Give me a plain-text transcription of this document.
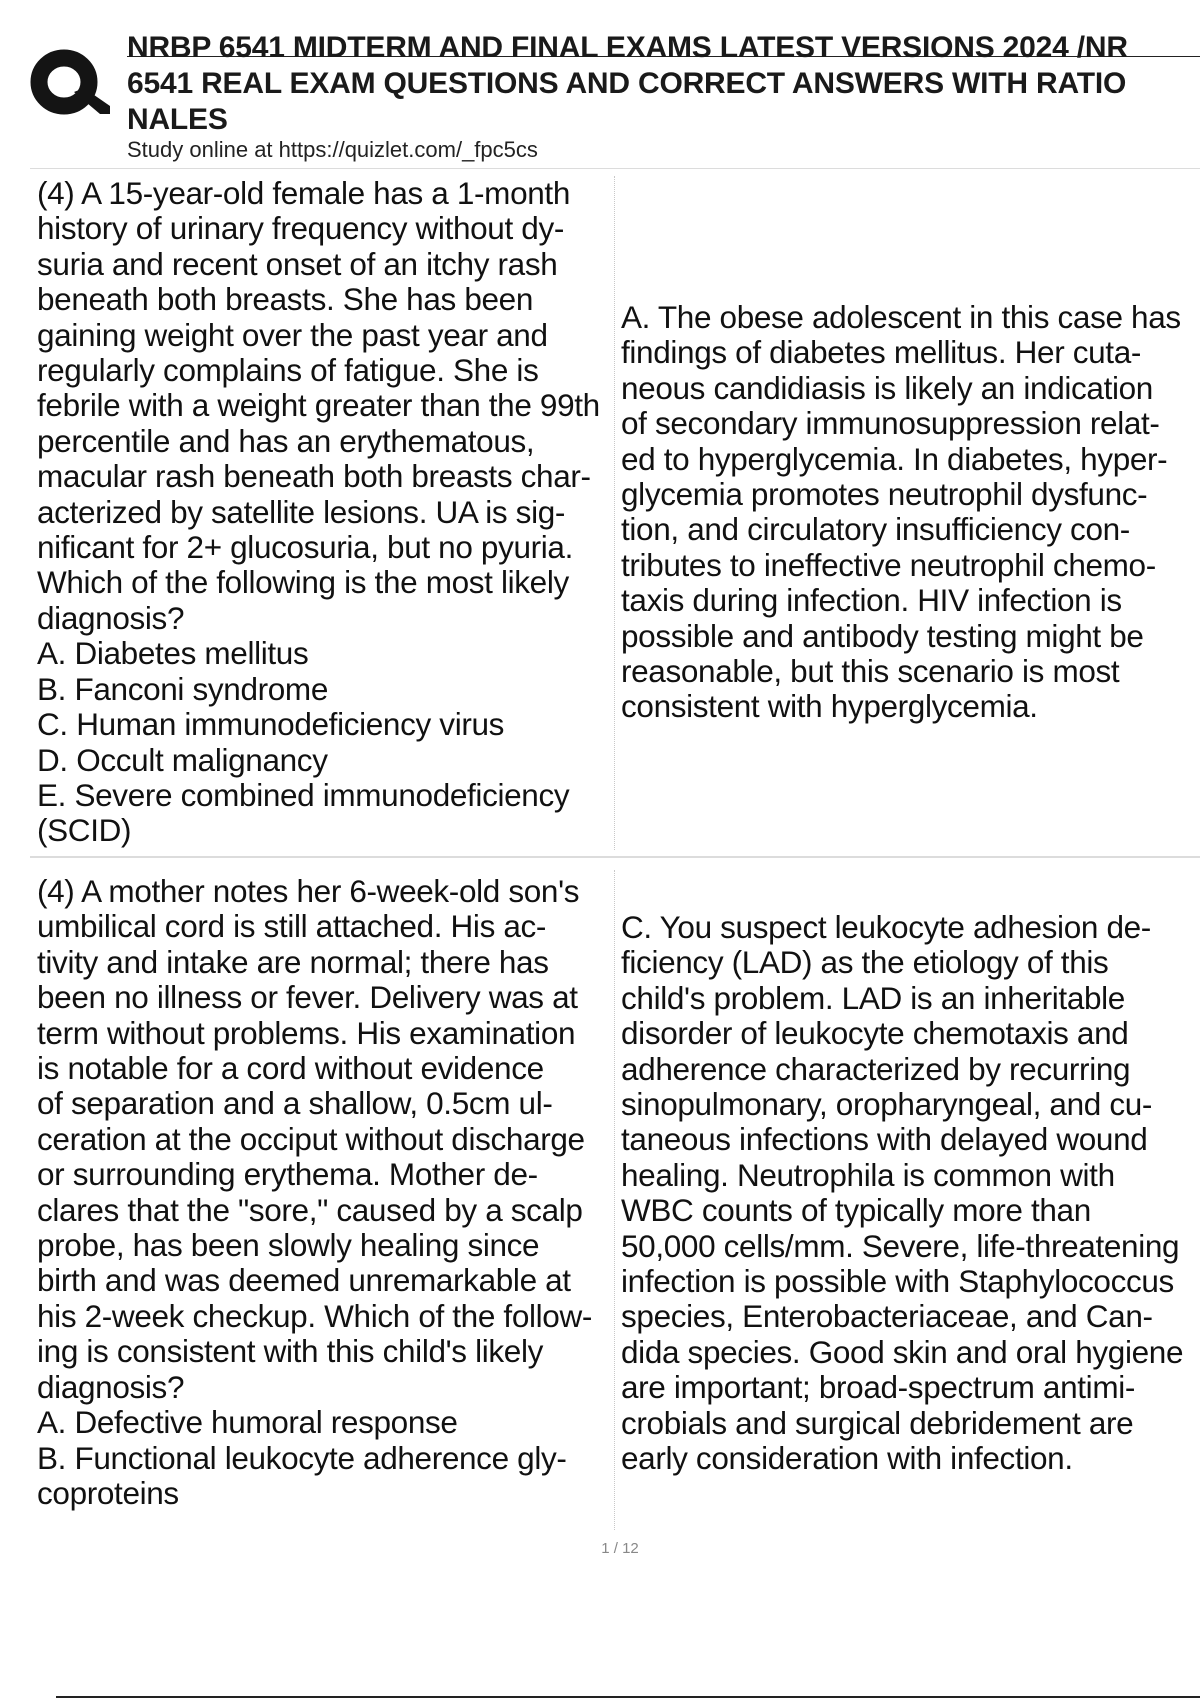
NRBP 6541 MIDTERM AND FINAL EXAMS LATEST VERSIONS 2024 /NR
6541 REAL EXAM QUESTIONS AND CORRECT ANSWERS WITH RATIO
NALES
Study online at https://quizlet.com/_fpc5cs
(4) A 15-year-old female has a 1-month
history of urinary frequency without dy-
suria and recent onset of an itchy rash
beneath both breasts. She has been
gaining weight over the past year and
regularly complains of fatigue. She is
febrile with a weight greater than the 99th
percentile and has an erythematous,
macular rash beneath both breasts char-
acterized by satellite lesions. UA is sig-
nificant for 2+ glucosuria, but no pyuria.
Which of the following is the most likely
diagnosis?
A. Diabetes mellitus
B. Fanconi syndrome
C. Human immunodeficiency virus
D. Occult malignancy
E. Severe combined immunodeficiency
(SCID)
A. The obese adolescent in this case has
findings of diabetes mellitus. Her cuta-
neous candidiasis is likely an indication
of secondary immunosuppression relat-
ed to hyperglycemia. In diabetes, hyper-
glycemia promotes neutrophil dysfunc-
tion, and circulatory insufficiency con-
tributes to ineffective neutrophil chemo-
taxis during infection. HIV infection is
possible and antibody testing might be
reasonable, but this scenario is most
consistent with hyperglycemia.
(4) A mother notes her 6-week-old son's
umbilical cord is still attached. His ac-
tivity and intake are normal; there has
been no illness or fever. Delivery was at
term without problems. His examination
is notable for a cord without evidence
of separation and a shallow, 0.5cm ul-
ceration at the occiput without discharge
or surrounding erythema. Mother de-
clares that the "sore," caused by a scalp
probe, has been slowly healing since
birth and was deemed unremarkable at
his 2-week checkup. Which of the follow-
ing is consistent with this child's likely
diagnosis?
A. Defective humoral response
B. Functional leukocyte adherence gly-
coproteins
C. You suspect leukocyte adhesion de-
ficiency (LAD) as the etiology of this
child's problem. LAD is an inheritable
disorder of leukocyte chemotaxis and
adherence characterized by recurring
sinopulmonary, oropharyngeal, and cu-
taneous infections with delayed wound
healing. Neutrophila is common with
WBC counts of typically more than
50,000 cells/mm. Severe, life-threatening
infection is possible with Staphylococcus
species, Enterobacteriaceae, and Can-
dida species. Good skin and oral hygiene
are important; broad-spectrum antimi-
crobials and surgical debridement are
early consideration with infection.
1 / 12
